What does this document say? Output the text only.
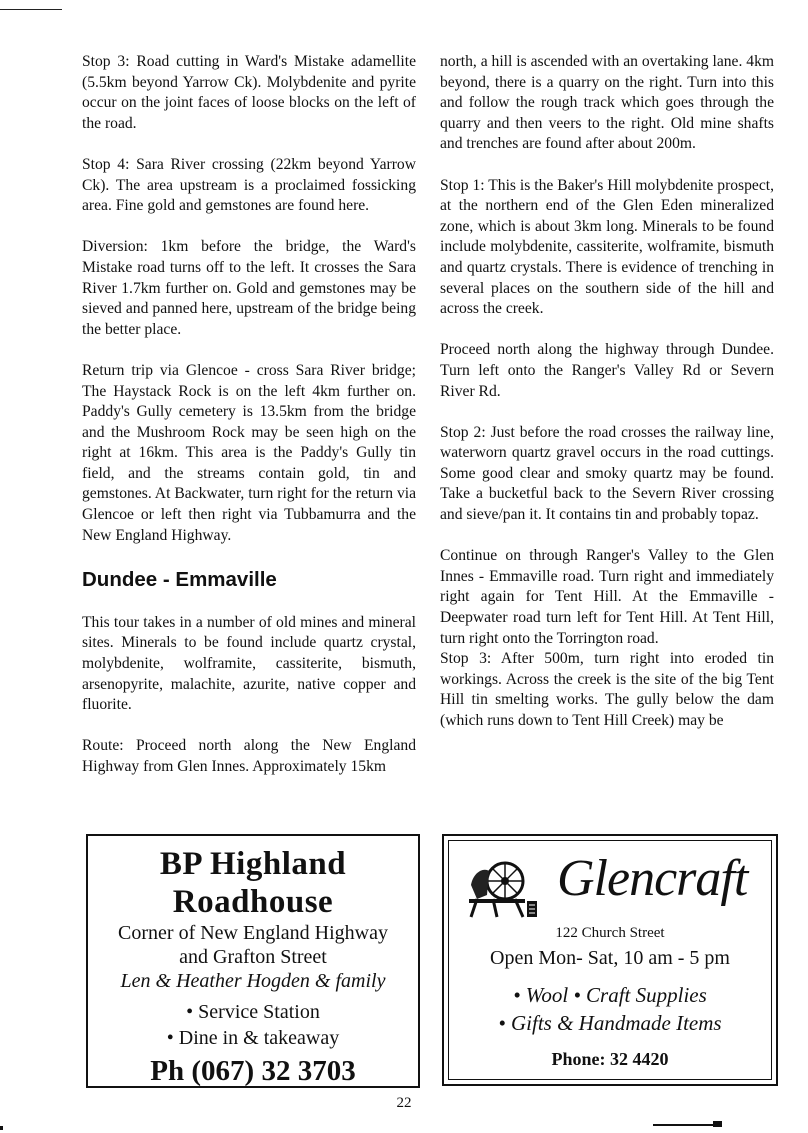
Stop 3: Road cutting in Ward's Mistake adamellite (5.5km beyond Yarrow Ck). Molybdenite and pyrite occur on the joint faces of loose blocks on the left of the road.

Stop 4: Sara River crossing (22km beyond Yarrow Ck). The area upstream is a proclaimed fossicking area. Fine gold and gemstones are found here.

Diversion: 1km before the bridge, the Ward's Mistake road turns off to the left. It crosses the Sara River 1.7km further on. Gold and gemstones may be sieved and panned here, upstream of the bridge being the better place.

Return trip via Glencoe - cross Sara River bridge; The Haystack Rock is on the left 4km further on. Paddy's Gully cemetery is 13.5km from the bridge and the Mushroom Rock may be seen high on the right at 16km. This area is the Paddy's Gully tin field, and the streams contain gold, tin and gemstones. At Backwater, turn right for the return via Glencoe or left then right via Tubbamurra and the New England Highway.

Dundee - Emmaville

This tour takes in a number of old mines and mineral sites. Minerals to be found include quartz crystal, molybdenite, wolframite, cassiterite, bismuth, arsenopyrite, malachite, azurite, native copper and fluorite.

Route: Proceed north along the New England Highway from Glen Innes. Approximately 15km

north, a hill is ascended with an overtaking lane. 4km beyond, there is a quarry on the right. Turn into this and follow the rough track which goes through the quarry and then veers to the right. Old mine shafts and trenches are found after about 200m.

Stop 1: This is the Baker's Hill molybdenite prospect, at the northern end of the Glen Eden mineralized zone, which is about 3km long. Minerals to be found include molybdenite, cassiterite, wolframite, bismuth and quartz crystals. There is evidence of trenching in several places on the southern side of the hill and across the creek.

Proceed north along the highway through Dundee. Turn left onto the Ranger's Valley Rd or Severn River Rd.

Stop 2: Just before the road crosses the railway line, waterworn quartz gravel occurs in the road cuttings. Some good clear and smoky quartz may be found. Take a bucketful back to the Severn River crossing and sieve/pan it. It contains tin and probably topaz.

Continue on through Ranger's Valley to the Glen Innes - Emmaville road. Turn right and immediately right again for Tent Hill. At the Emmaville - Deepwater road turn left for Tent Hill. At Tent Hill, turn right onto the Torrington road.

Stop 3: After 500m, turn right into eroded tin workings. Across the creek is the site of the big Tent Hill tin smelting works. The gully below the dam (which runs down to Tent Hill Creek) may be

BP Highland
Roadhouse
Corner of New England Highway
and Grafton Street
Len & Heather Hogden & family
• Service Station
• Dine in & takeaway
Ph (067) 32 3703
Glencraft
122 Church Street
Open Mon- Sat, 10 am - 5 pm
• Wool • Craft Supplies
• Gifts & Handmade Items
Phone: 32 4420
22
